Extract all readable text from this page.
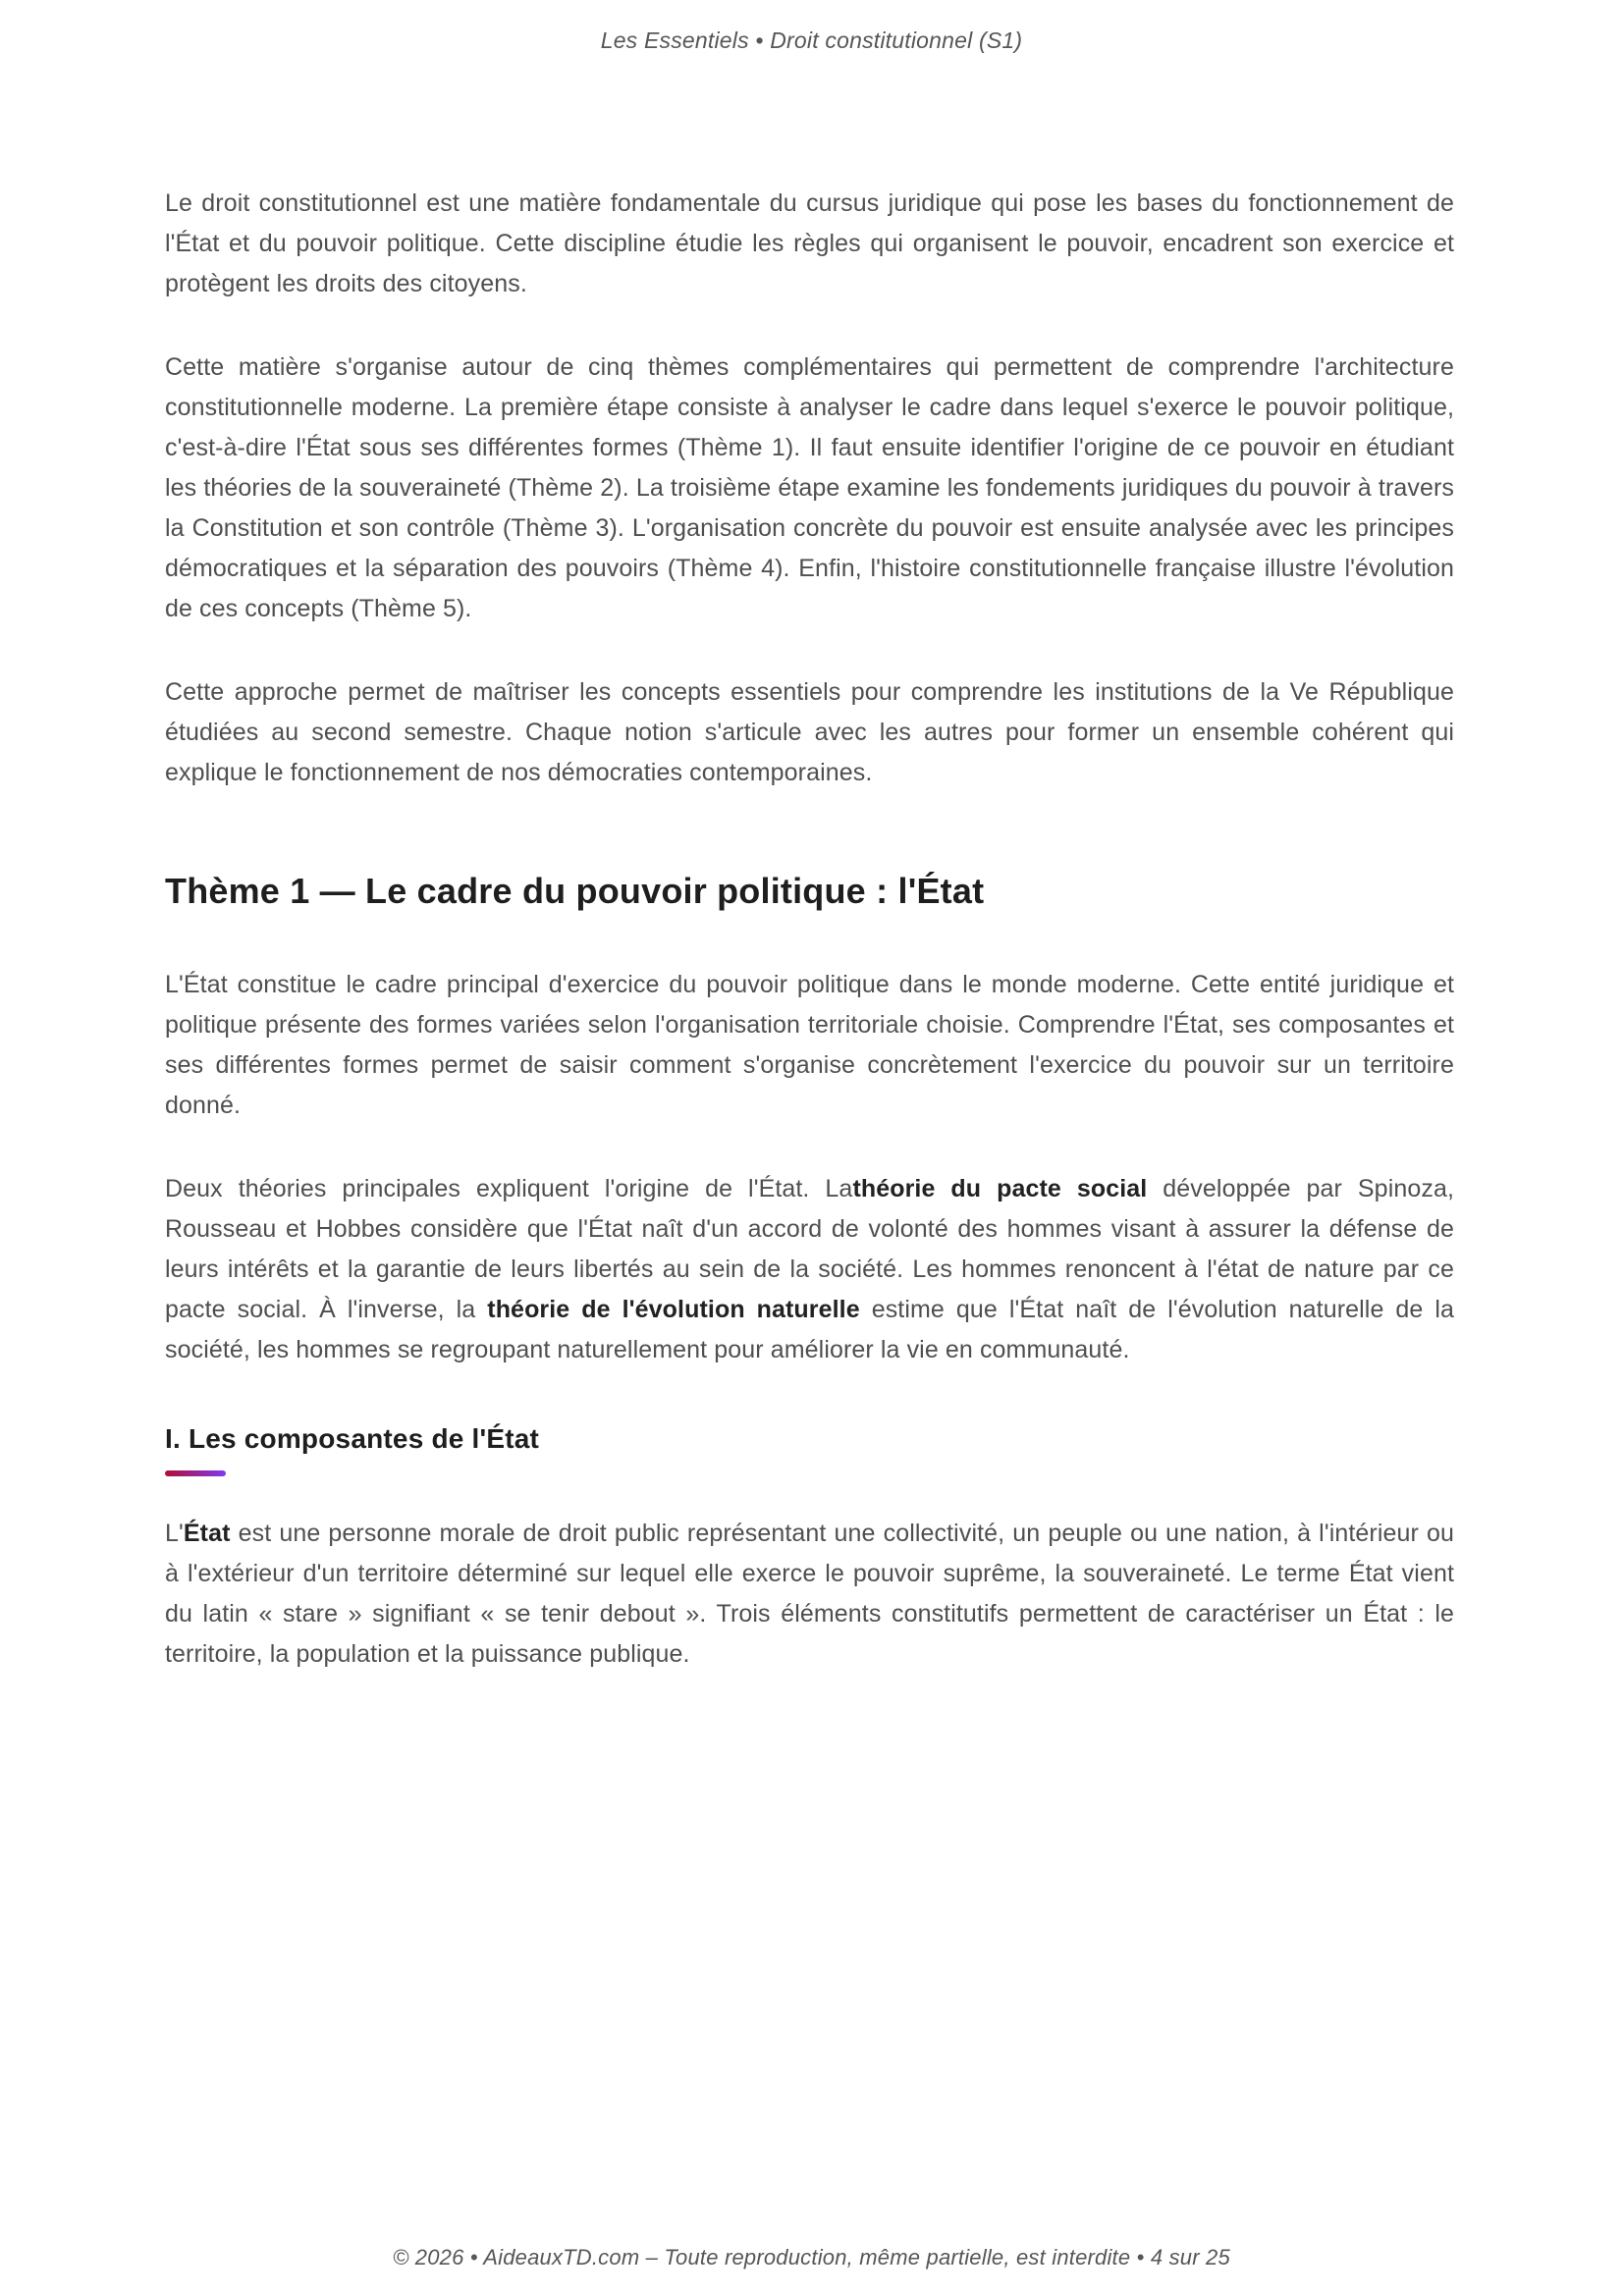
Les Essentiels • Droit constitutionnel (S1)

Le droit constitutionnel est une matière fondamentale du cursus juridique qui pose les bases du fonctionnement de l'État et du pouvoir politique. Cette discipline étudie les règles qui organisent le pouvoir, encadrent son exercice et protègent les droits des citoyens.

Cette matière s'organise autour de cinq thèmes complémentaires qui permettent de comprendre l'architecture constitutionnelle moderne. La première étape consiste à analyser le cadre dans lequel s'exerce le pouvoir politique, c'est-à-dire l'État sous ses différentes formes (Thème 1). Il faut ensuite identifier l'origine de ce pouvoir en étudiant les théories de la souveraineté (Thème 2). La troisième étape examine les fondements juridiques du pouvoir à travers la Constitution et son contrôle (Thème 3). L'organisation concrète du pouvoir est ensuite analysée avec les principes démocratiques et la séparation des pouvoirs (Thème 4). Enfin, l'histoire constitutionnelle française illustre l'évolution de ces concepts (Thème 5).

Cette approche permet de maîtriser les concepts essentiels pour comprendre les institutions de la Ve République étudiées au second semestre. Chaque notion s'articule avec les autres pour former un ensemble cohérent qui explique le fonctionnement de nos démocraties contemporaines.

Thème 1 — Le cadre du pouvoir politique : l'État

L'État constitue le cadre principal d'exercice du pouvoir politique dans le monde moderne. Cette entité juridique et politique présente des formes variées selon l'organisation territoriale choisie. Comprendre l'État, ses composantes et ses différentes formes permet de saisir comment s'organise concrètement l'exercice du pouvoir sur un territoire donné.

Deux théories principales expliquent l'origine de l'État. Lathéorie du pacte social développée par Spinoza, Rousseau et Hobbes considère que l'État naît d'un accord de volonté des hommes visant à assurer la défense de leurs intérêts et la garantie de leurs libertés au sein de la société. Les hommes renoncent à l'état de nature par ce pacte social. À l'inverse, la théorie de l'évolution naturelle estime que l'État naît de l'évolution naturelle de la société, les hommes se regroupant naturellement pour améliorer la vie en communauté.

I. Les composantes de l'État

L'État est une personne morale de droit public représentant une collectivité, un peuple ou une nation, à l'intérieur ou à l'extérieur d'un territoire déterminé sur lequel elle exerce le pouvoir suprême, la souveraineté. Le terme État vient du latin « stare » signifiant « se tenir debout ». Trois éléments constitutifs permettent de caractériser un État : le territoire, la population et la puissance publique.

© 2026 • AideauxTD.com – Toute reproduction, même partielle, est interdite • 4 sur 25
